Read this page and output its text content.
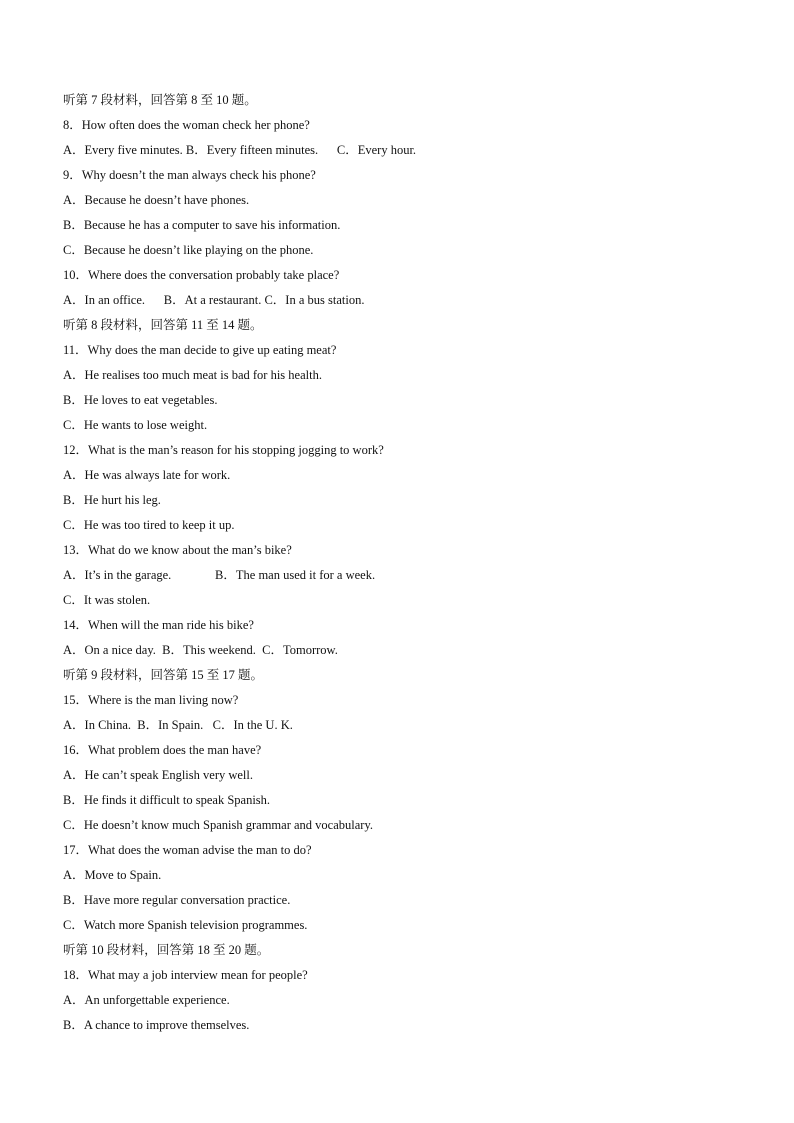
听第 7 段材料，回答第 8 至 10 题。

8．How often does the woman check her phone?

A．Every five minutes. B．Every fifteen minutes.      C．Every hour.

9．Why doesn’t the man always check his phone?

A．Because he doesn’t have phones.

B．Because he has a computer to save his information.

C．Because he doesn’t like playing on the phone.

10．Where does the conversation probably take place?

A．In an office.      B．At a restaurant. C．In a bus station.

听第 8 段材料，回答第 11 至 14 题。

11．Why does the man decide to give up eating meat?

A．He realises too much meat is bad for his health.

B．He loves to eat vegetables.

C．He wants to lose weight.

12．What is the man’s reason for his stopping jogging to work?

A．He was always late for work.

B．He hurt his leg.

C．He was too tired to keep it up.

13．What do we know about the man’s bike?

A．It’s in the garage.              B．The man used it for a week.

C．It was stolen.

14．When will the man ride his bike?

A．On a nice day.  B．This weekend.  C．Tomorrow.

听第 9 段材料，回答第 15 至 17 题。

15．Where is the man living now?

A．In China.  B．In Spain.   C．In the U. K.

16．What problem does the man have?

A．He can’t speak English very well.

B．He finds it difficult to speak Spanish.

C．He doesn’t know much Spanish grammar and vocabulary.

17．What does the woman advise the man to do?

A．Move to Spain.

B．Have more regular conversation practice.

C．Watch more Spanish television programmes.

听第 10 段材料，回答第 18 至 20 题。

18．What may a job interview mean for people?

A．An unforgettable experience.

B．A chance to improve themselves.
